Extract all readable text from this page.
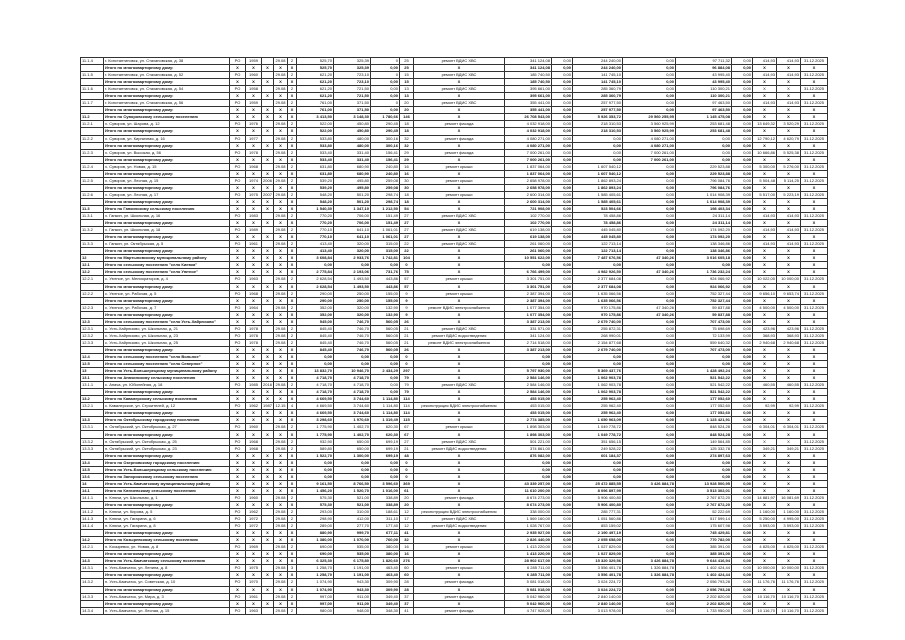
11.1.4	г. Константиновск, ул. Стахановская, д. 38	РО	1959		29.08	2	525,70	325,39	0	25	ремонт ВДИС ХВС	341 124,08	0,00	244 240,00	0,00	97 711,32	0,00	414,93	414,93	31.12.2025
	Итого по многоквартирному дому:	Х	Х	Х	Х	Х	525,70	325,39	0,00	25	Х	341 124,08	0,00	244 240,00	0,00	96 884,08	0,00	Х	Х	Х
11.1.5	г. Константиновск, ул. Стахановская, д. 52	РО	1960		29.08	2	621,20	723,10	0	15	ремонт ВДИС ХВС	185 740,50	0,00	141 745,10	0,00	43 995,40	0,00	414,93	414,93	31.12.2025
	Итого по многоквартирному дому:	Х	Х	Х	Х	Х	621,20	723,10	0,00	15	Х	185 740,50	0,00	141 745,10	0,00	43 995,40	0,00	Х	Х	Х
11.1.6	г. Константиновск, ул. Стахановская, д. 54	РО	1958		29.08	2	621,20	721,50	0,00	13	ремонт ВДИС ХВС	395 661,00	0,00	285 360,79	0,00	110 300,21	0,00	Х	Х	31.12.2025
	Итого по многоквартирному дому:	Х	Х	Х	Х	Х	621,20	721,50	0,00	13	Х	395 661,00	0,00	285 360,79	0,00	110 300,21	0,00	Х	Х	Х
11.1.7	г. Константиновск, ул. Стахановская, д. 56	РО	1959		29.08	2	761,00	371,50	0	20	ремонт ВДИС ХВС	355 441,00	0,00	257 977,50	0,00	97 463,50	0,00	414,93	414,93	31.12.2025
	Итого по многоквартирному дому:	Х	Х	Х	Х	Х	761,00	371,50	0,00	20	Х	355 441,00	0,00	257 977,50	0,00	97 463,50	0,00	Х	Х	Х
11.2	Итого по Суворовскому сельскому поселению	Х	Х	Х	Х	Х	3 413,50	3 148,30	1 780,66	146	Х	26 708 543,00	0,00	5 926 353,72	29 560 255,95	1 145 475,08	0,00	Х	Х	Х
11.2.1	х. Суворов, ул. Шарова, д. 12	РО	1976		29.08	2	522,00	450,80	290,45	18	ремонт фасада	4 032 918,00	0,00	218 310,53	3 560 925,99	253 681,48	0,00	13 649,32	3 520,29	31.12.2025
	Итого по многоквартирному дому:	Х	Х	Х	Х	Х	522,00	450,80	290,45	18	Х	4 032 918,00	0,00	218 310,53	3 560 925,99	253 681,48	0,00	Х	Х	Х
11.2.2	х. Суворов, ул. Кирпичная, д. 16	РО	1977		29.08	2	533,80	480,00	300,16	32	ремонт фасада	4 080 271,00	0,00	0,00	4 080 271,00	0,00	0,00	12 790,12	4 620,79	31.12.2025
	Итого по многоквартирному дому:	Х	Х	Х	Х	Х	533,80	480,00	300,16	32	Х	4 080 271,00	0,00	0,00	4 080 271,00	0,00	0,00	Х	Х	Х
11.2.3	х. Суворов, ул. Высокая, д. 56	РО	1978		29.08	2	533,40	331,40	156,41	29	ремонт фасада	7 000 261,00	0,00	0,00	7 000 261,00	0,00	0,00	10 666,86	5 525,38	31.12.2025
	Итого по многоквартирному дому:	Х	Х	Х	Х	Х	533,40	331,40	156,41	29	Х	7 000 261,00	0,00	0,00	7 000 261,00	0,00	0,00	Х	Х	Х
11.2.4	х. Суворов, ул. Новая, д. 15	РО	1968		29.08	2	631,80	680,90	240,80	16	ремонт крыши	1 837 064,00	0,00	1 607 540,12	0,00	229 523,88	0,00	5 300,00	5 276,00	31.12.2025
	Итого по многоквартирному дому:	Х	Х	Х	Х	Х	631,80	680,90	240,80	16	Х	1 837 064,00	0,00	1 607 540,12	0,00	229 523,88	0,00	Х	Х	Х
11.2.5	х. Суворов, ул. Лесная, д. 15	РО	1974	2006	29.08	2	539,20	495,80	259,08	30	ремонт крыши	2 658 978,00	0,00	1 862 893,24	0,00	796 084,76	0,00	5 504,48	5 114,25	31.12.2025
	Итого по многоквартирному дому:	Х	Х	Х	Х	Х	539,20	495,80	259,08	30	Х	2 658 978,00	0,00	1 862 893,24	0,00	796 084,76	0,00	Х	Х	Х
11.2.6	х. Суворов, ул. Лесная, д. 17	РО	1975	2007	29.08	2	548,20	501,20	298,74	18	ремонт крыши	2 600 314,00	0,00	1 585 405,61	0,00	1 014 908,39	0,00	5 517,00	5 223,19	31.12.2025
	Итого по многоквартирному дому:	Х	Х	Х	Х	Х	548,20	501,20	298,74	18	Х	2 600 314,00	0,00	1 585 405,61	0,00	1 014 908,39	0,00	Х	Х	Х
11.3	Итого по Гапкинскому сельскому поселению	Х	Х	Х	Х	Х	1 540,30	1 347,10	1 212,50	54	Х	721 908,00	0,00	523 504,66	0,00	198 403,34	0,00	Х	Х	Х
11.3.1	х. Гапкин, ул. Школьная, д. 16	РО	1983		29.08	2	770,20	706,00	151,49	27	ремонт ВДИС ХВС	102 770,00	0,00	78 458,86	0,00	24 311,14	0,00	414,93	414,93	31.12.2025
	Итого по многоквартирному дому:	Х	Х	Х	Х	Х	770,20	706,00	151,49	27	Х	102 770,00	0,00	78 458,86	0,00	24 311,14	0,00	Х	Х	Х
11.3.2	х. Гапкин, ул. Школьная, д. 18	РО	1989		29.08	2	770,10	641,10	1 061,01	27	ремонт ВДИС ХВС	619 138,00	0,00	445 045,80	0,00	174 092,20	0,00	414,93	414,93	31.12.2025
	Итого по многоквартирному дому:	Х	Х	Х	Х	Х	770,10	641,10	1 061,01	27	Х	619 138,00	0,00	445 045,80	0,00	174 092,20	0,00	Х	Х	Х
11.3.3	х. Гапкин, ул. Октябрьская, д. 5	РО	1961		29.08	2	413,40	320,00	315,00	22	ремонт ВДИС ХВС	261 060,00	0,00	122 713,14	0,00	138 346,86	0,00	414,93	414,93	31.12.2025
	Итого по многоквартирному дому:	Х	Х	Х	Х	Х	413,40	320,00	315,00	22	Х	261 060,00	0,00	122 713,14	0,00	138 346,86	0,00	Х	Х	Х
12	Итого по Мартыновскому муниципальному району	Х	Х	Х	Х	Х	3 608,84	2 933,76	1 742,81	104	Х	10 551 622,00	0,00	7 487 676,56	47 340,26	3 016 605,18	0,00	Х	Х	Х
12.1	Итого по сельскому поселению "село Киевка"	Х	Х	Х	Х	Х	0,00	0,00	0,00	0	Х	0,00	0,00	0,00	0,00	0,00	0,00	Х	Х	Х
12.2	Итого по сельскому поселению "село Уютное"	Х	Х	Х	Х	Х	2 775,84	2 193,06	731,76	75	Х	6 766 499,00	0,00	4 982 926,50	47 340,26	1 736 232,24	0,00	Х	Х	Х
12.2.1	с. Уютное, ул. Мелиораторов, д. 4	РО	1963		29.08	2	2 628,54	1 493,50	443,86	57	ремонт крыши	3 301 751,00	0,00	2 377 684,08	0,00	924 066,92	0,00	10 022,00	10 000,00	31.12.2025
	Итого по многоквартирному дому:	Х	Х	Х	Х	Х	2 628,54	1 493,50	443,86	57	Х	3 301 751,00	0,00	2 377 684,08	0,00	924 066,92	0,00	Х	Х	Х
12.2.2	с. Уютное, ул. Рабочая, д. 5	РО	1968		29.08	2	290,00	250,00	155,00	9	ремонт крыши	2 387 394,00	0,00	1 635 066,56	0,00	752 327,44	0,00	9 656,10	9 653,74	31.12.2025
	Итого по многоквартирному дому:	Х	Х	Х	Х	Х	290,00	250,00	155,00	9	Х	2 387 394,00	0,00	1 635 066,56	0,00	752 327,44	0,00	Х	Х	Х
12.2.3	с. Уютное, ул. Рабочая, д. 7	РО	1964		29.08	2	352,00	320,00	132,90	9	ремонт ВДИС электроснабжения	1 077 354,00	0,00	970 175,86	47 340,26	59 837,88	0,00	4 500,00	4 500,00	31.12.2025
	Итого по многоквартирному дому:	Х	Х	Х	Х	Х	352,00	320,00	132,90	9	Х	1 077 354,00	0,00	970 175,86	47 340,26	59 837,88	0,00	Х	Х	Х
12.3	Итого по сельскому поселению "село Усть-Хайрюзово"	Х	Х	Х	Х	Х	545,00	746,70	560,05	26	Х	3 387 213,00	0,00	2 679 740,00	0,00	707 473,00	0,00	Х	Х	Х
12.3.1	с. Усть-Хайрюзово, ул. Школьная, д. 21	РО	1978		29.08	2	845,40	746,70	560,05	21	ремонт ВДИС ХВС	331 571,00	0,00	255 872,31	0,00	75 698,69	0,00	423,96	423,96	31.12.2025
12.3.2	с. Усть-Хайрюзово, ул. Школьная, д. 23	РО	1978		29.08	2	845,40	746,70	560,05	21	ремонт ВДИС водоотведения	341 124,00	0,00	268 990,01	0,00	72 133,99	0,00	368,93	368,93	31.12.2025
12.3.3	с. Усть-Хайрюзово, ул. Школьная, д. 25	РО	1978		29.08	2	845,40	746,70	560,05	21	ремонт ВДИС электроснабжения	2 714 518,00	0,00	2 154 877,68	0,00	559 640,32	0,00	2 940,68	2 940,68	31.12.2025
	Итого по многоквартирному дому:	Х	Х	Х	Х	Х	845,40	746,70	560,05	26	Х	3 387 213,00	0,00	2 679 740,00	0,00	707 473,00	0,00	Х	Х	Х
12.4	Итого по сельскому поселению "село Вольное"	Х	Х	Х	Х	Х	0,00	0,00	0,00	0	Х	0,00	0,00	0,00	0,00	0,00	0,00	Х	Х	Х
12.5	Итого по сельскому поселению "село Северное"	Х	Х	Х	Х	Х	0,00	0,00	0,00	0	Х	0,00	0,00	0,00	0,00	0,00	0,00	Х	Х	Х
13	Итого по Усть-Большерецкому муниципальному району	Х	Х	Х	Х	Х	13 832,70	10 946,70	2 434,29	297	Х	5 797 930,00	0,00	5 369 437,76	0,00	1 428 492,24	0,00	Х	Х	Х
13.1	Итого по Апачинскому сельскому поселению	Х	Х	Х	Х	Х	4 718,70	4 718,70	0,00	79	Х	2 584 146,00	0,00	1 062 903,78	0,00	521 542,22	0,00	Х	Х	Х
13.1.1	с. Апача, ул. Юбилейная, д. 18	РО	1985	2016	29.08	2	4 718,70	4 718,70	0,00	79	ремонт ВДИС ХВС	2 584 146,00	0,00	1 062 903,78	0,00	521 542,22	0,00	460,55	460,55	31.12.2025
	Итого по многоквартирному дому:	Х	Х	Х	Х	Х	4 718,70	4 718,70	0,00	79	Х	2 584 146,00	0,00	1 062 903,78	0,00	521 542,22	0,00	Х	Х	Х
13.2	Итого по Кавалерскому сельскому поселению	Х	Х	Х	Х	Х	4 669,50	3 744,60	1 114,80	114	Х	453 015,00	0,00	255 962,40	0,00	177 052,60	0,00	Х	Х	Х
13.2.1	с. Кавалерское, ул. Строителей, д. 12	РО	1962	1987	12.15	4	4 669,50	3 744,60	1 114,80	114	реконструкция ВДИС электроснабжения	453 015,00	0,00	255 962,40	0,00	177 052,60	0,00	92,99	92,99	31.12.2025
	Итого по многоквартирному дому:	Х	Х	Х	Х	Х	4 669,50	3 744,60	1 114,80	114	Х	453 015,00	0,00	255 962,40	0,00	177 052,60	0,00	Х	Х	Х
13.3	Итого по Октябрьскому городскому поселению	Х	Х	Х	Х	Х	3 298,60	1 970,60	1 319,49	115	Х	2 774 385,00	0,00	1 650 963,09	0,00	1 123 421,91	0,00	Х	Х	Х
13.3.1	п. Октябрьский, ул. Октябрьская, д. 27	РО	1960		29.08	2	1 775,90	1 402,70	620,30	67	ремонт крыши	1 898 303,00	0,00	1 049 778,72	0,00	848 524,28	0,00	6 304,01	6 304,01	31.12.2025
	Итого по многоквартирному дому:	Х	Х	Х	Х	Х	1 775,90	1 402,70	620,30	67	Х	1 898 303,00	0,00	1 049 778,72	0,00	848 524,28	0,00	Х	Х	Х
13.3.2	п. Октябрьский, ул. Октябрьская, д. 25	РО	1968		29.08	2	932,90	650,00	699,19	27	ремонт ВДИС ХВС	501 221,00	0,00	351 656,15	0,00	149 564,85	0,00	Х	Х	31.12.2025
13.3.3	п. Октябрьский, ул. Октябрьская, д. 23	РО	1968		29.08	2	589,80	650,00	699,19	21	ремонт ВДИС водоотведения	374 861,00	0,00	249 528,22	0,00	125 332,78	0,00	349,21	349,21	31.12.2025
	Итого по многоквартирному дому:	Х	Х	Х	Х	Х	1 522,70	1 300,00	699,19	48	Х	876 082,00	0,00	601 184,37	0,00	274 897,63	0,00	Х	Х	Х
13.4	Итого по Озерновскому городскому поселению	Х	Х	Х	Х	Х	0,00	0,00	0,00	0	Х	0,00	0,00	0,00	0,00	0,00	0,00	Х	Х	Х
13.5	Итого по Усть-Большерецкому сельскому поселению	Х	Х	Х	Х	Х	0,00	0,00	0,00	0	Х	0,00	0,00	0,00	0,00	0,00	0,00	Х	Х	Х
13.6	Итого по Запорожскому сельскому поселению	Х	Х	Х	Х	Х	0,00	0,00	0,00	0	Х	0,00	0,00	0,00	0,00	0,00	0,00	Х	Х	Х
14	Итого по Усть-Камчатскому муниципальному району	Х	Х	Х	Х	Х	9 161,50	8 766,50	3 596,60	369	Х	43 339 257,00	0,00	25 472 885,55	3 426 884,78	13 928 500,95	0,00	Х	Х	Х
14.1	Итого по Ключевскому сельскому поселению	Х	Х	Х	Х	Х	1 456,20	1 520,70	1 016,00	61	Х	11 610 200,00	0,00	8 096 897,99	0,00	3 513 302,01	0,00	Х	Х	Х
14.1.1	п. Ключи, ул. Школьная, д. 1	РО	1960		29.08	2	575,30	521,00	338,89	20	ремонт фасада	8 674 273,00	0,00	5 906 400,80	0,00	2 767 872,20	0,00	14 881,97	16 081,69	31.12.2025
	Итого по многоквартирному дому:	Х	Х	Х	Х	Х	575,30	521,00	338,89	20	Х	8 674 273,00	0,00	5 906 400,80	0,00	2 767 872,20	0,00	Х	Х	Х
14.1.2	п. Ключи, ул. Кирова, д. 5	РО	1962		29.08	2	293,00	310,00	188,61	12	реконструкция ВДИС электроснабжения	338 000,00	0,00	285 777,31	0,00	52 222,69	0,00	1 160,00	1 160,00	31.12.2025
14.1.3	п. Ключи, ул. Гагарина, д. 6	РО	1972		29.08	2	298,90	412,00	311,10	17	ремонт ВДИС ХВС	1 569 160,00	0,00	1 051 560,86	0,00	517 599,14	0,00	5 250,00	4 995,00	31.12.2025
14.1.4	п. Ключи, ул. Гагарина, д. 8	РО	1972		29.08	2	289,00	277,70	177,40	12	ремонт ВДИС водоотведения	1 028 767,00	0,00	853 159,02	0,00	175 607,98	0,00	3 593,00	3 593,00	31.12.2025
	Итого по многоквартирному дому:	Х	Х	Х	Х	Х	880,90	999,70	677,11	41	Х	2 935 927,00	0,00	2 190 497,19	0,00	745 429,81	0,00	Х	Х	Х
14.2	Итого по Козыревскому сельскому поселению	Х	Х	Х	Х	Х	1 380,00	1 070,00	760,00	32	Х	2 826 440,00	0,00	2 055 658,00	0,00	770 782,00	0,00	Х	Х	Х
14.2.1	п. Козыревск, ул. Новая, д. 8	РО	1969		29.08	2	690,00	535,00	380,00	16	ремонт крыши	1 413 220,00	0,00	1 027 829,00	0,00	385 391,00	0,00	4 825,00	4 825,00	31.12.2025
	Итого по многоквартирному дому:	Х	Х	Х	Х	Х	690,00	535,00	380,00	16	Х	1 413 220,00	0,00	1 027 829,00	0,00	385 391,00	0,00	Х	Х	Х
14.3	Итого по Усть-Камчатскому сельскому поселению	Х	Х	Х	Х	Х	6 325,30	6 175,80	1 820,60	276	Х	28 902 617,00	0,00	15 320 329,56	3 426 884,78	9 644 416,94	0,00	Х	Х	Х
14.3.1	п. Усть-Камчатск, ул. Ленина, д. 8	РО	1975		29.08	3	1 258,70	1 191,00	463,40	60	ремонт крыши	6 285 711,00	0,00	3 556 401,78	1 326 884,78	1 402 424,44	0,00	10 000,00	10 000,00	31.12.2025
	Итого по многоквартирному дому:	Х	Х	Х	Х	Х	1 258,70	1 191,00	463,40	60	Х	6 285 711,00	0,00	3 556 401,78	1 326 884,78	1 402 424,44	0,00	Х	Х	Х
14.3.2	п. Усть-Камчатск, ул. Советская, д. 10	РО	1970		29.08	2	1 074,90	943,30	309,90	28	ремонт фасада	5 081 018,00	0,00	3 024 224,72	0,00	2 056 793,28	0,00	11 176,76	11 176,76	31.12.2025
	Итого по многоквартирному дому:	Х	Х	Х	Х	Х	1 074,90	943,30	309,90	28	Х	5 081 018,00	0,00	3 024 224,72	0,00	2 056 793,28	0,00	Х	Х	Х
14.3.3	п. Усть-Камчатск, ул. Мира, д. 3	РО	1961		29.08	2	997,00	911,00	349,40	37	ремонт фасада	5 042 960,00	0,00	2 840 140,00	0,00	2 202 820,00	0,00	10 116,70	10 116,70	31.12.2025
	Итого по многоквартирному дому:	Х	Х	Х	Х	Х	997,00	911,00	349,40	37	Х	5 042 960,00	0,00	2 840 140,00	0,00	2 202 820,00	0,00	Х	Х	Х
14.3.4	п. Усть-Камчатск, ул. Лесная, д. 15	РО	1963		29.08	2	980,00	948,00	348,30	41	ремонт фасада	4 747 928,00	0,00	3 013 978,00	0,00	1 733 950,00	0,00	10 116,70	10 116,70	31.12.2025
